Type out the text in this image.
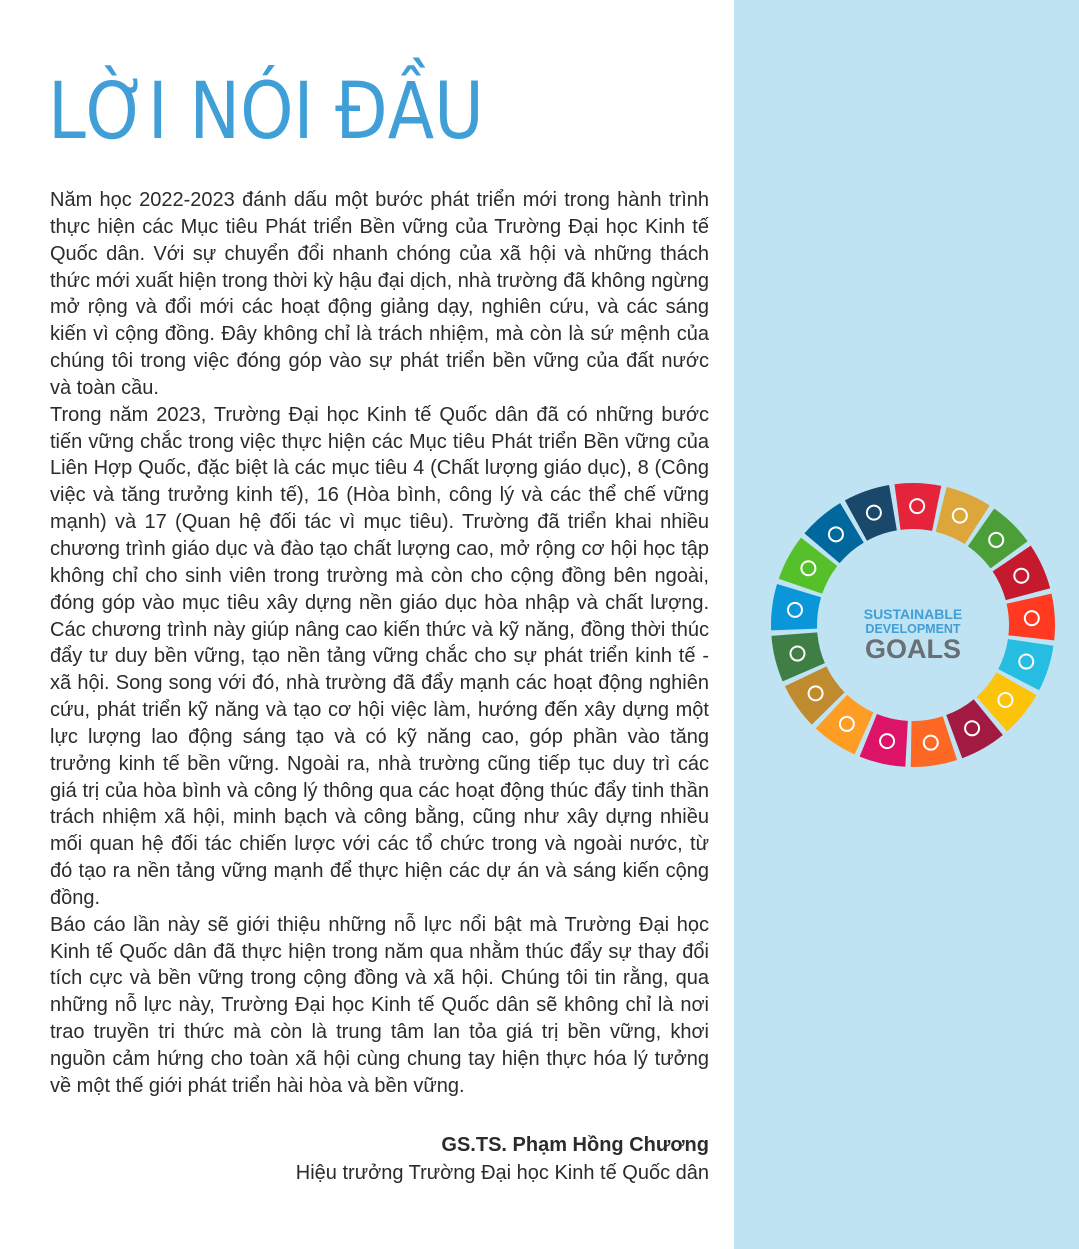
LỜI NÓI ĐẦU

Năm học 2022-2023 đánh dấu một bước phát triển mới trong hành trình thực hiện các Mục tiêu Phát triển Bền vững của Trường Đại học Kinh tế Quốc dân. Với sự chuyển đổi nhanh chóng của xã hội và những thách thức mới xuất hiện trong thời kỳ hậu đại dịch, nhà trường đã không ngừng mở rộng và đổi mới các hoạt động giảng dạy, nghiên cứu, và các sáng kiến vì cộng đồng. Đây không chỉ là trách nhiệm, mà còn là sứ mệnh của chúng tôi trong việc đóng góp vào sự phát triển bền vững của đất nước và toàn cầu.

Trong năm 2023, Trường Đại học Kinh tế Quốc dân đã có những bước tiến vững chắc trong việc thực hiện các Mục tiêu Phát triển Bền vững của Liên Hợp Quốc, đặc biệt là các mục tiêu 4 (Chất lượng giáo dục), 8 (Công việc và tăng trưởng kinh tế), 16 (Hòa bình, công lý và các thể chế vững mạnh) và 17 (Quan hệ đối tác vì mục tiêu). Trường đã triển khai nhiều chương trình giáo dục và đào tạo chất lượng cao, mở rộng cơ hội học tập không chỉ cho sinh viên trong trường mà còn cho cộng đồng bên ngoài, đóng góp vào mục tiêu xây dựng nền giáo dục hòa nhập và chất lượng. Các chương trình này giúp nâng cao kiến thức và kỹ năng, đồng thời thúc đẩy tư duy bền vững, tạo nền tảng vững chắc cho sự phát triển kinh tế - xã hội. Song song với đó, nhà trường đã đẩy mạnh các hoạt động nghiên cứu, phát triển kỹ năng và tạo cơ hội việc làm, hướng đến xây dựng một lực lượng lao động sáng tạo và có kỹ năng cao, góp phần vào tăng trưởng kinh tế bền vững. Ngoài ra, nhà trường cũng tiếp tục duy trì các giá trị của hòa bình và công lý thông qua các hoạt động thúc đẩy tinh thần trách nhiệm xã hội, minh bạch và công bằng, cũng như xây dựng nhiều mối quan hệ đối tác chiến lược với các tổ chức trong và ngoài nước, từ đó tạo ra nền tảng vững mạnh để thực hiện các dự án và sáng kiến cộng đồng.

Báo cáo lần này sẽ giới thiệu những nỗ lực nổi bật mà Trường Đại học Kinh tế Quốc dân đã thực hiện trong năm qua nhằm thúc đẩy sự thay đổi tích cực và bền vững trong cộng đồng và xã hội. Chúng tôi tin rằng, qua những nỗ lực này, Trường Đại học Kinh tế Quốc dân sẽ không chỉ là nơi trao truyền tri thức mà còn là trung tâm lan tỏa giá trị bền vững, khơi nguồn cảm hứng cho toàn xã hội cùng chung tay hiện thực hóa lý tưởng về một thế giới phát triển hài hòa và bền vững.

GS.TS. Phạm Hồng Chương
Hiệu trưởng Trường Đại học Kinh tế Quốc dân
SUSTAINABLE
DEVELOPMENT
GOALS
